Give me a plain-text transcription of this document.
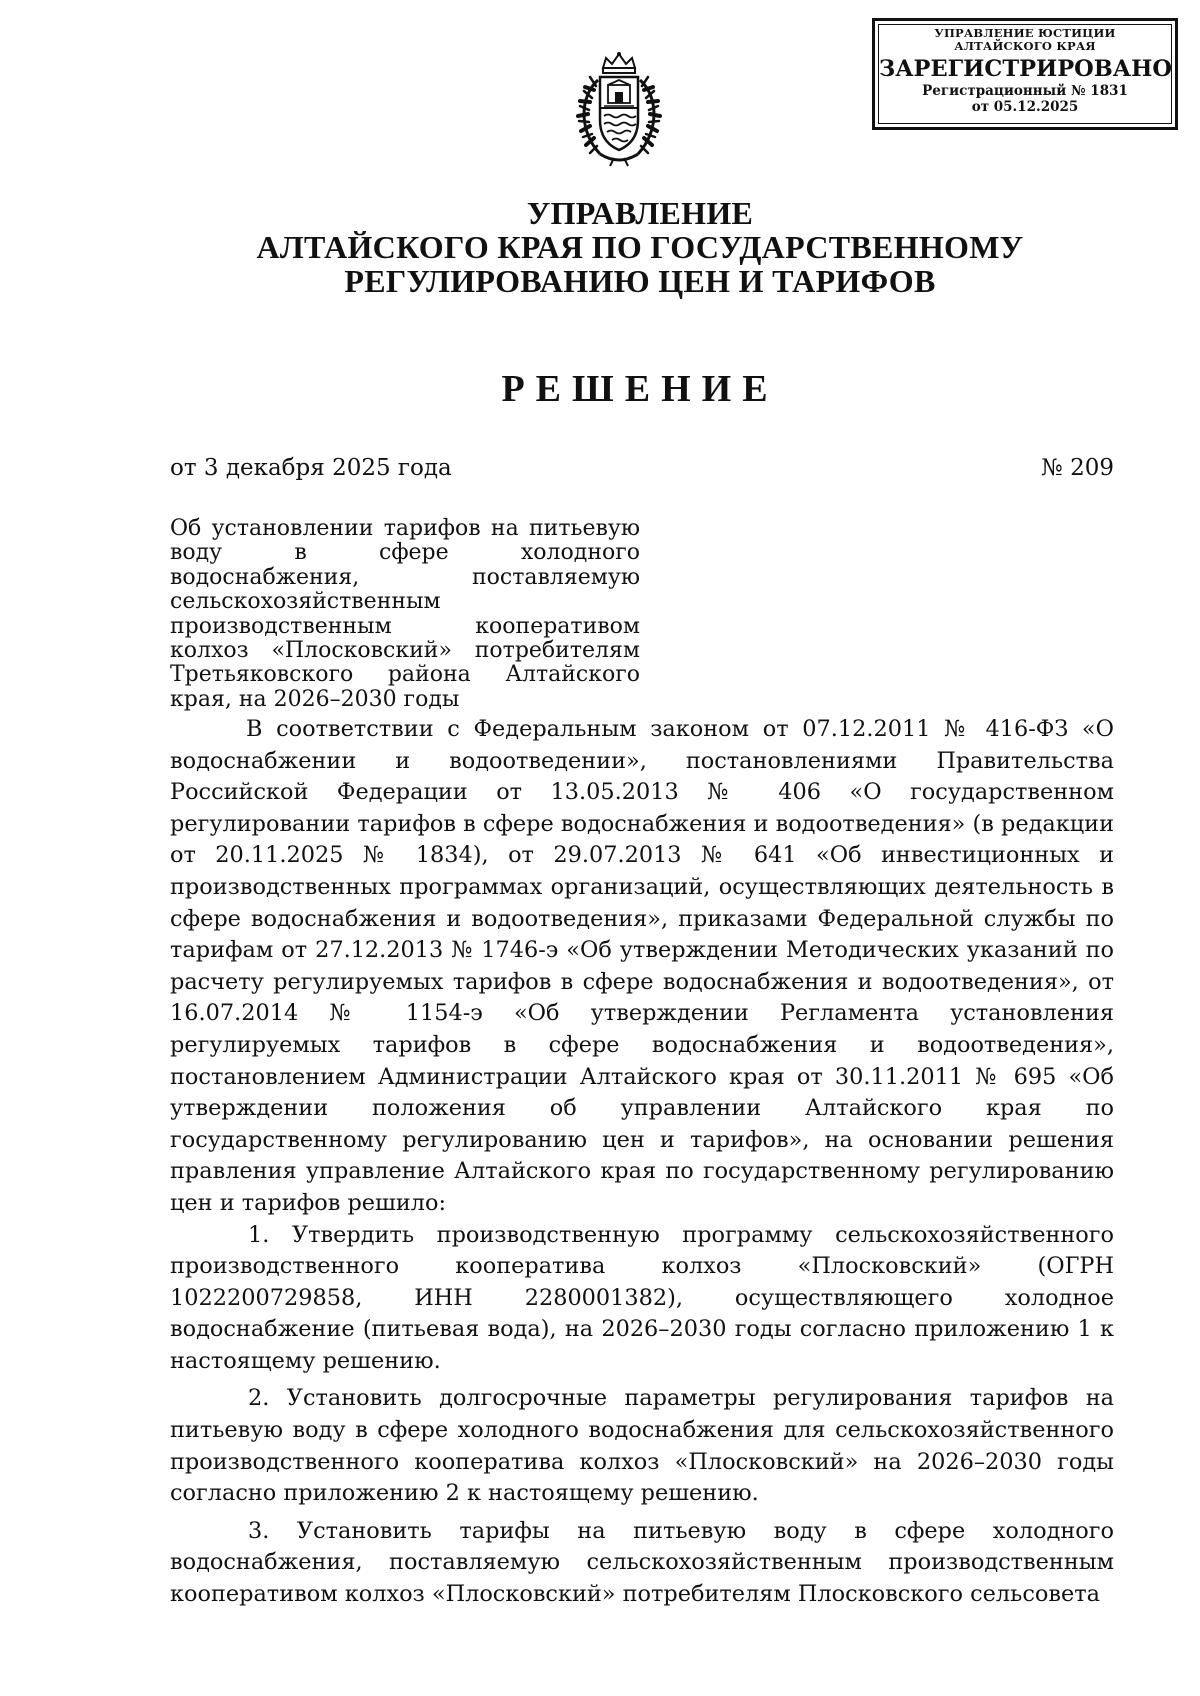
УПРАВЛЕНИЕ ЮСТИЦИИ
АЛТАЙСКОГО КРАЯ
ЗАРЕГИСТРИРОВАНО
Регистрационный № 1831
от 05.12.2025
УПРАВЛЕНИЕ
АЛТАЙСКОГО КРАЯ ПО ГОСУДАРСТВЕННОМУ
РЕГУЛИРОВАНИЮ ЦЕН И ТАРИФОВ
РЕШЕНИЕ
от 3 декабря 2025 года	№ 209
Об установлении тарифов на питьевую воду в сфере холодного водоснабжения, поставляемую сельскохозяйственным производственным кооперативом колхоз «Плосковский» потребителям Третьяковского района Алтайского края, на 2026–2030 годы

В соответствии с Федеральным законом от 07.12.2011 № 416-ФЗ «О водоснабжении и водоотведении», постановлениями Правительства Российской Федерации от 13.05.2013 № 406 «О государственном регулировании тарифов в сфере водоснабжения и водоотведения» (в редакции от 20.11.2025 № 1834), от 29.07.2013 № 641 «Об инвестиционных и производственных программах организаций, осуществляющих деятельность в сфере водоснабжения и водоотведения», приказами Федеральной службы по тарифам от 27.12.2013 № 1746-э «Об утверждении Методических указаний по расчету регулируемых тарифов в сфере водоснабжения и водоотведения», от 16.07.2014 № 1154-э «Об утверждении Регламента установления регулируемых тарифов в сфере водоснабжения и водоотведения», постановлением Администрации Алтайского края от 30.11.2011 № 695 «Об утверждении положения об управлении Алтайского края по государственному регулированию цен и тарифов», на основании решения правления управление Алтайского края по государственному регулированию цен и тарифов решило:

1. Утвердить производственную программу сельскохозяйственного производственного кооператива колхоз «Плосковский» (ОГРН 1022200729858, ИНН 2280001382), осуществляющего холодное водоснабжение (питьевая вода), на 2026–2030 годы согласно приложению 1 к настоящему решению.

2. Установить долгосрочные параметры регулирования тарифов на питьевую воду в сфере холодного водоснабжения для сельскохозяйственного производственного кооператива колхоз «Плосковский» на 2026–2030 годы согласно приложению 2 к настоящему решению.

3. Установить тарифы на питьевую воду в сфере холодного водоснабжения, поставляемую сельскохозяйственным производственным кооперативом колхоз «Плосковский» потребителям Плосковского сельсовета
